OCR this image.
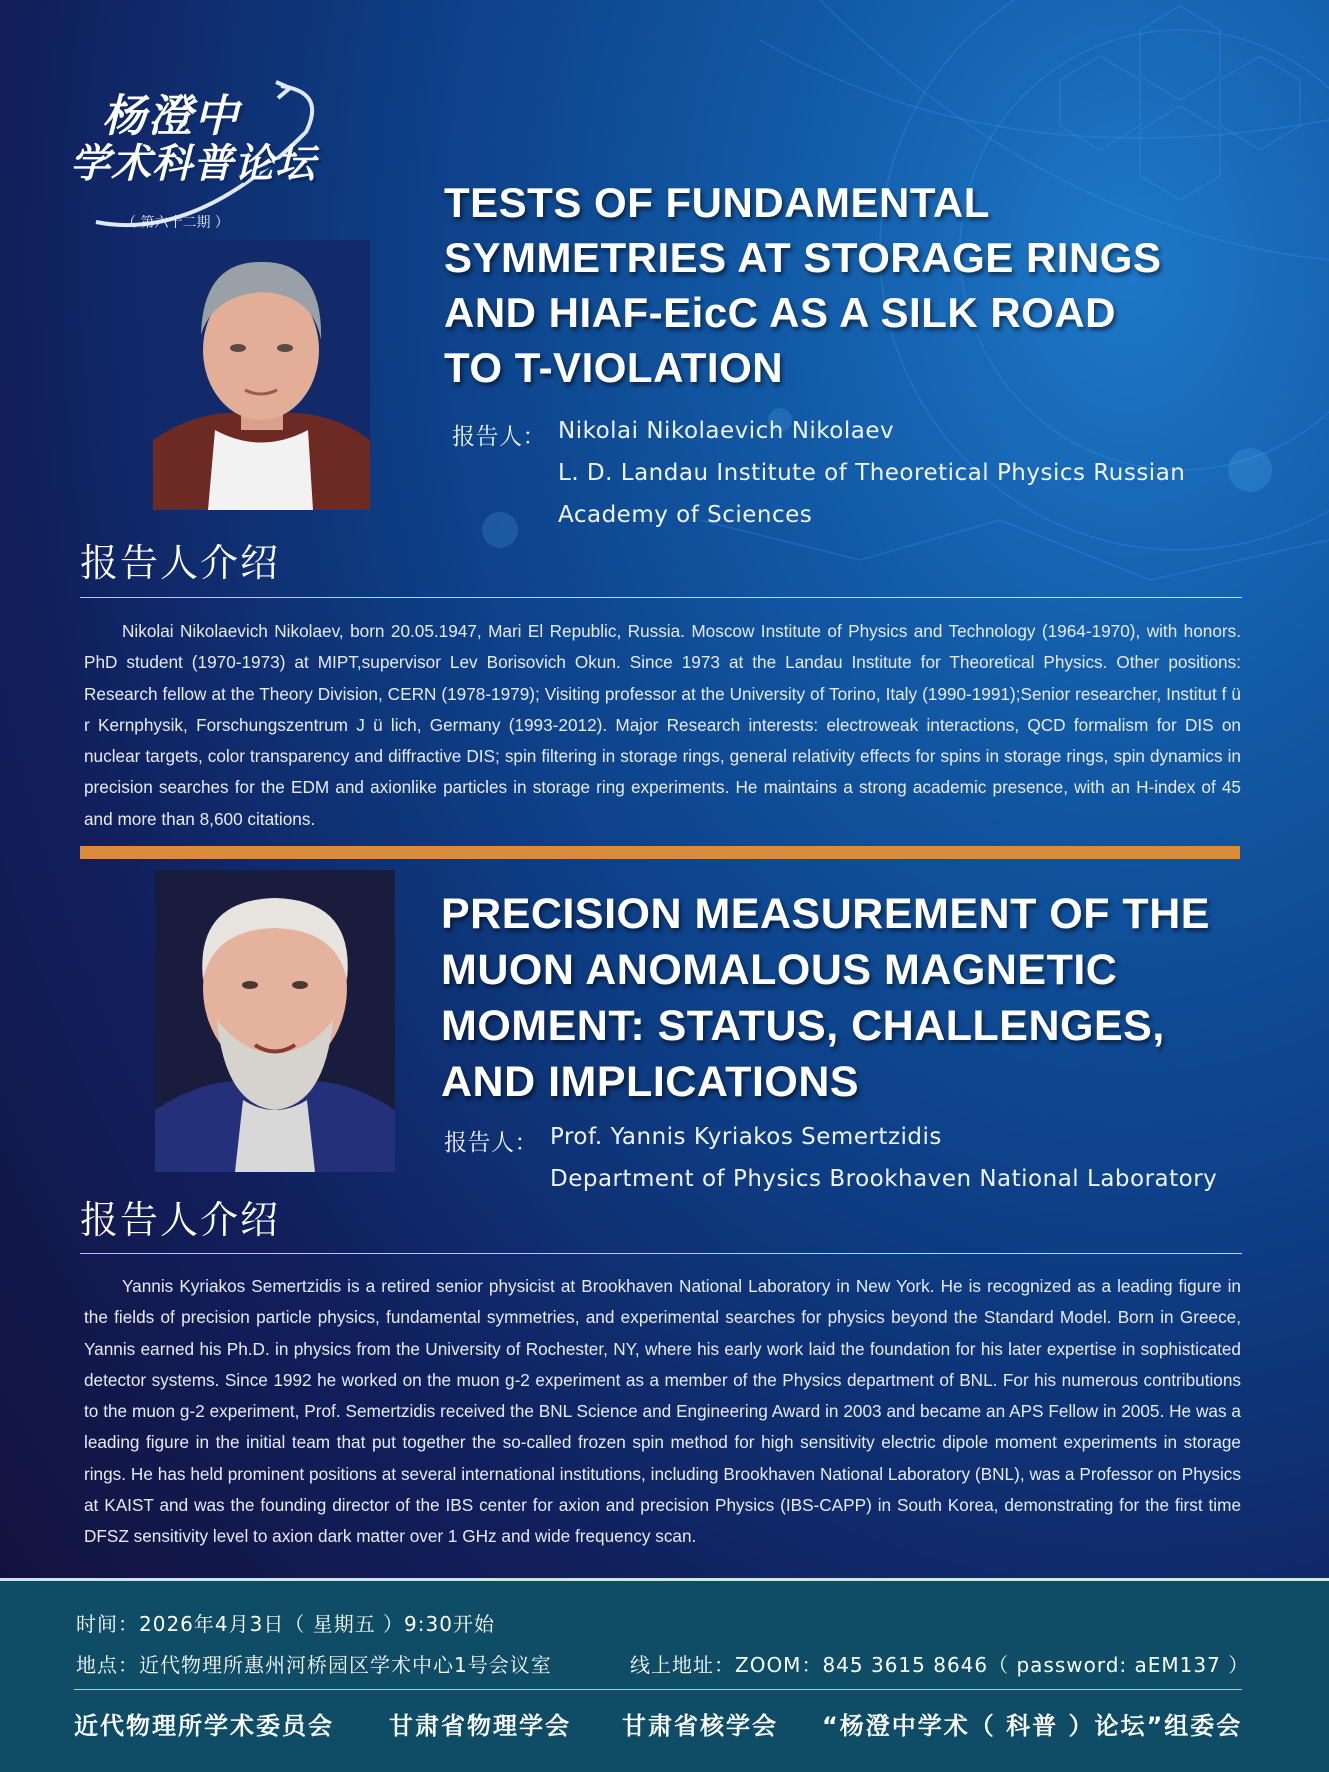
杨澄中
学术科普论坛
（ 第六十二期 ）	TESTS OF FUNDAMENTAL
SYMMETRIES AT STORAGE RINGS
AND HIAF-EicC AS A SILK ROAD
TO T-VIOLATION
报告人： Nikolai Nikolaevich Nikolaev
L. D. Landau Institute of Theoretical Physics Russian
Academy of Sciences
报告人介绍

Nikolai Nikolaevich Nikolaev, born 20.05.1947, Mari El Republic, Russia. Moscow Institute of Physics and Technology (1964-1970), with honors. PhD student (1970-1973) at MIPT,supervisor Lev Borisovich Okun. Since 1973 at the Landau Institute for Theoretical Physics. Other positions: Research fellow at the Theory Division, CERN (1978-1979); Visiting professor at the University of Torino, Italy (1990-1991);Senior researcher, Institut f ü r Kernphysik, Forschungszentrum J ü lich, Germany (1993-2012). Major Research interests: electroweak interactions, QCD formalism for DIS on nuclear targets, color transparency and diffractive DIS; spin filtering in storage rings, general relativity effects for spins in storage rings, spin dynamics in precision searches for the EDM and axionlike particles in storage ring experiments. He maintains a strong academic presence, with an H-index of 45 and more than 8,600 citations.

PRECISION MEASUREMENT OF THE
MUON ANOMALOUS MAGNETIC
MOMENT: STATUS, CHALLENGES,
AND IMPLICATIONS
报告人： Prof. Yannis Kyriakos Semertzidis
Department of Physics Brookhaven National Laboratory
报告人介绍

Yannis Kyriakos Semertzidis is a retired senior physicist at Brookhaven National Laboratory in New York. He is recognized as a leading figure in the fields of precision particle physics, fundamental symmetries, and experimental searches for physics beyond the Standard Model. Born in Greece, Yannis earned his Ph.D. in physics from the University of Rochester, NY, where his early work laid the foundation for his later expertise in sophisticated detector systems. Since 1992 he worked on the muon g-2 experiment as a member of the Physics department of BNL. For his numerous contributions to the muon g-2 experiment, Prof. Semertzidis received the BNL Science and Engineering Award in 2003 and became an APS Fellow in 2005. He was a leading figure in the initial team that put together the so-called frozen spin method for high sensitivity electric dipole moment experiments in storage rings. He has held prominent positions at several international institutions, including Brookhaven National Laboratory (BNL), was a Professor on Physics at KAIST and was the founding director of the IBS center for axion and precision Physics (IBS-CAPP) in South Korea, demonstrating for the first time DFSZ sensitivity level to axion dark matter over 1 GHz and wide frequency scan.

时间：2026年4月3日（ 星期五 ）9:30开始
地点：近代物理所惠州河桥园区学术中心1号会议室	线上地址：ZOOM：845 3615 8646（ password: aEM137 ）
近代物理所学术委员会 甘肃省物理学会 甘肃省核学会 “杨澄中学术（ 科普 ）论坛”组委会
